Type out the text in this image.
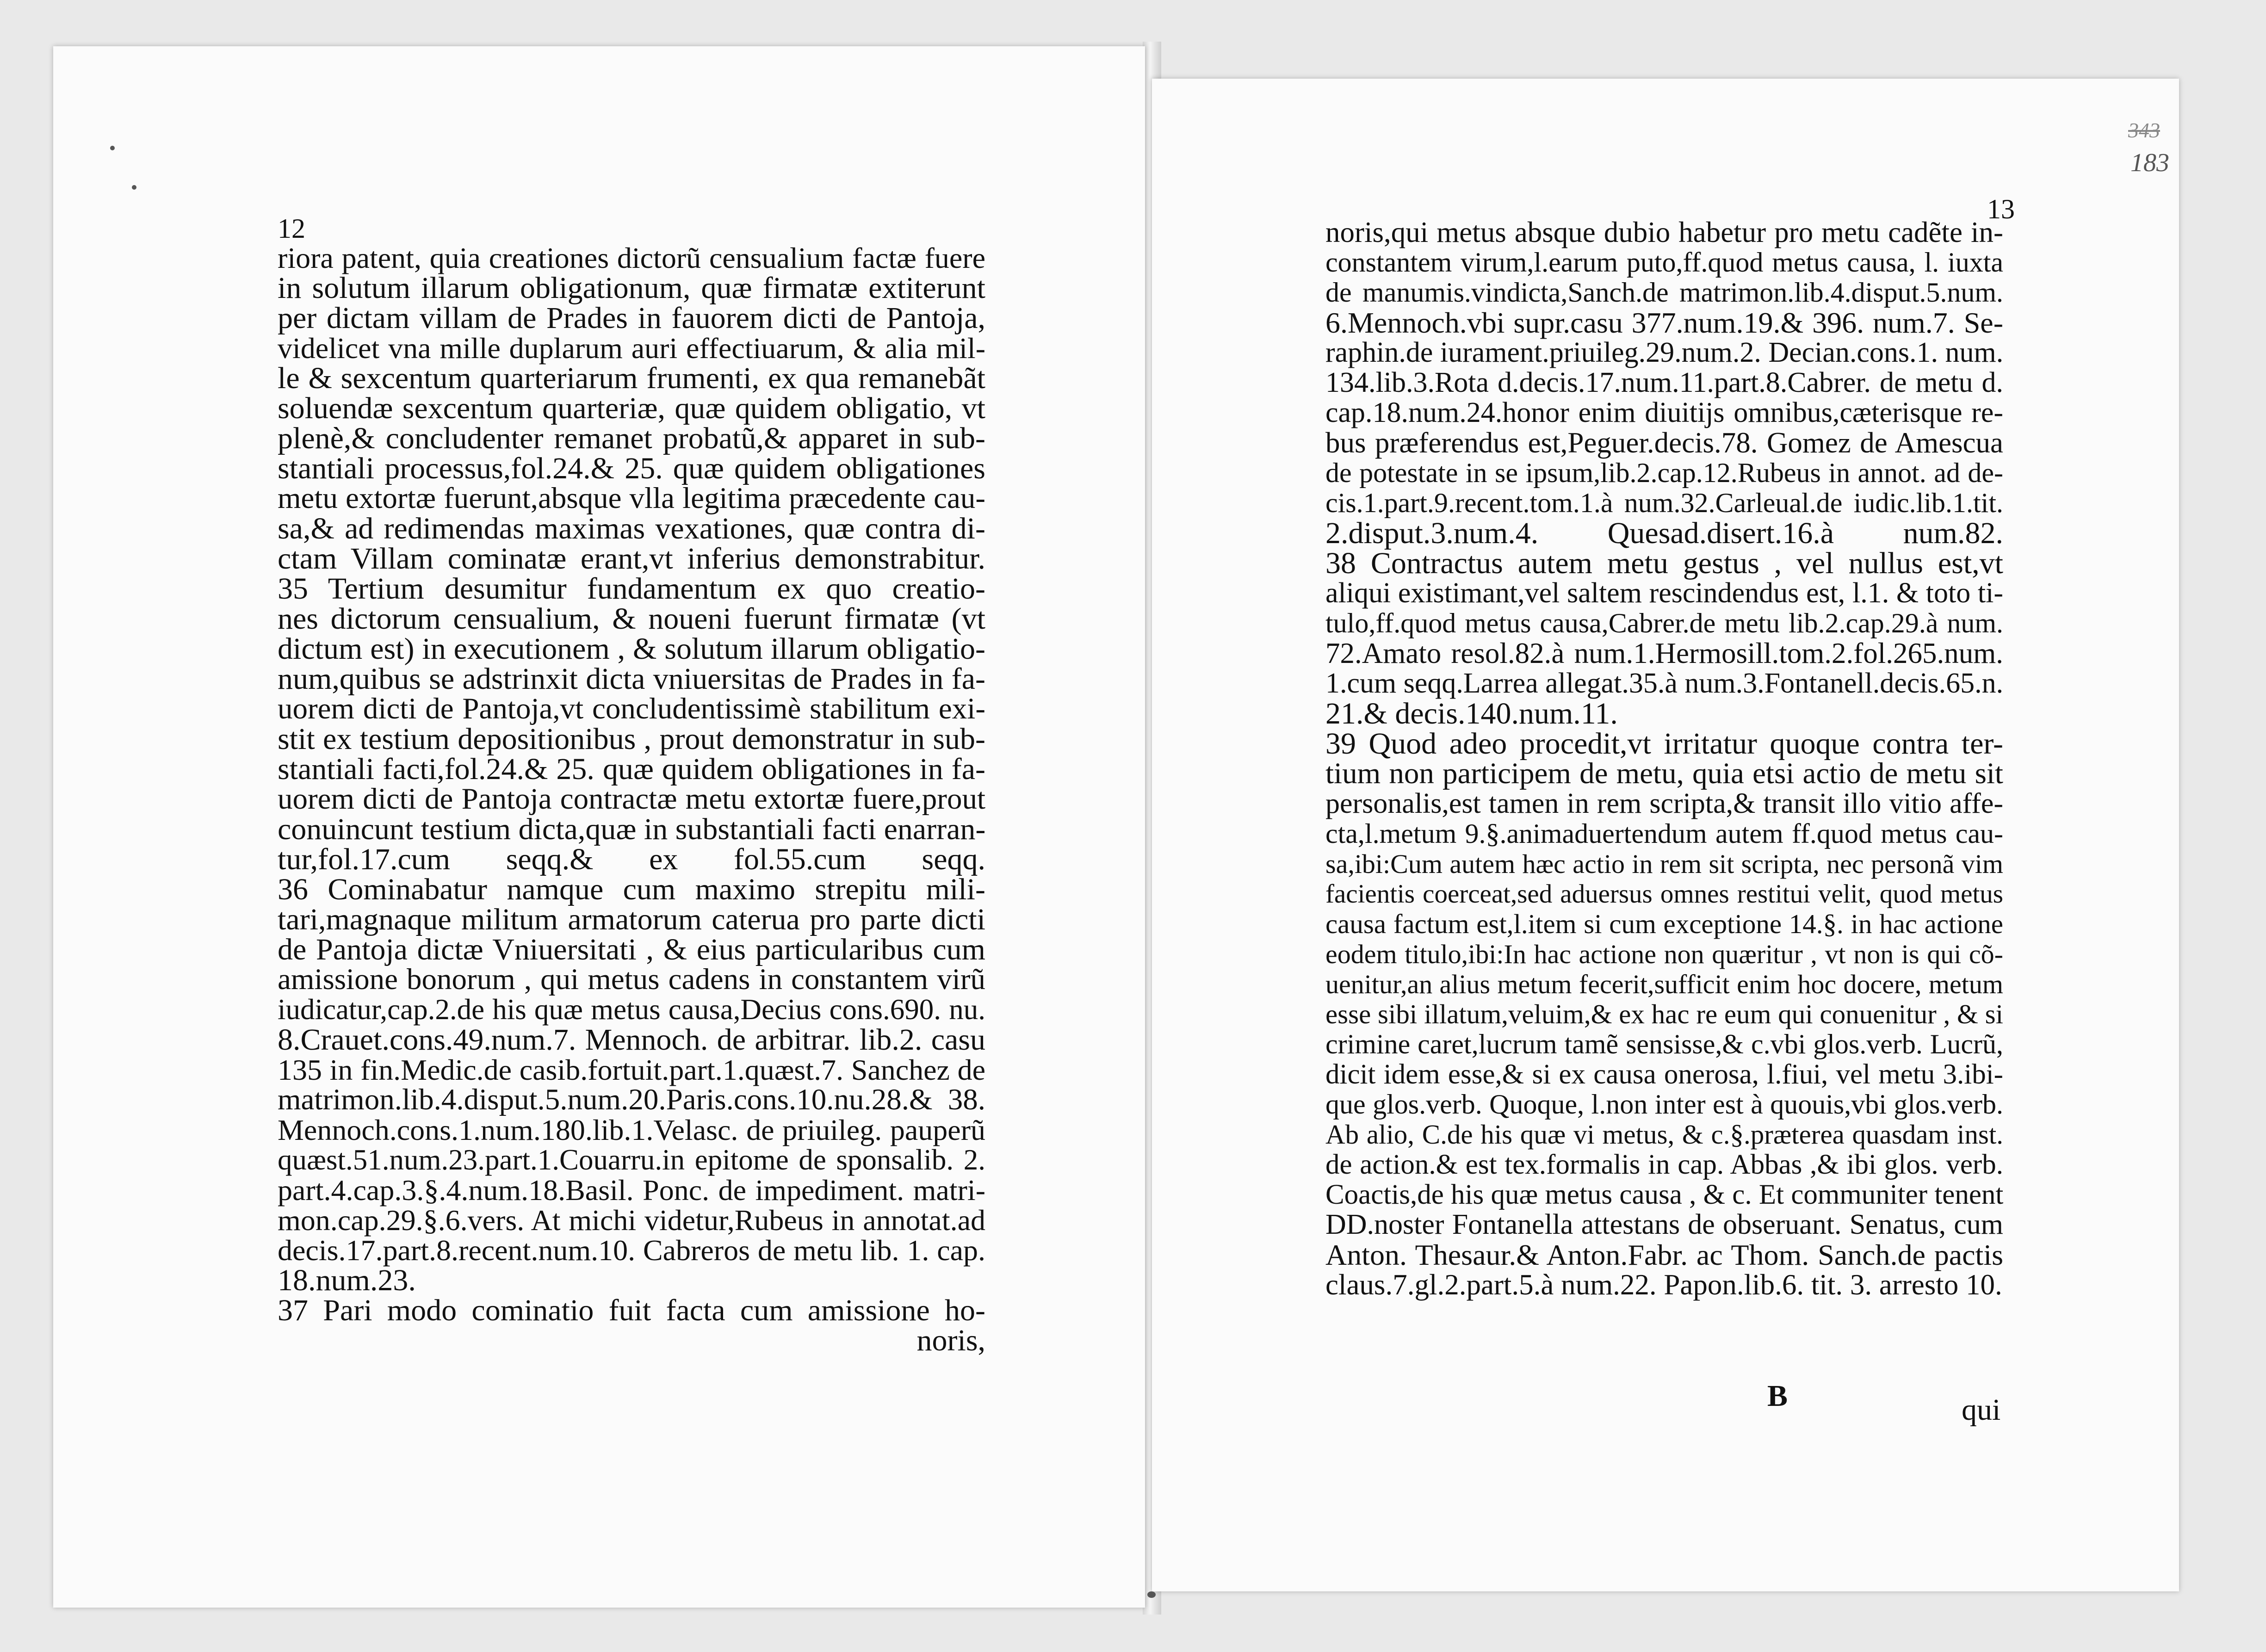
343
183
12
riora patent, quia creationes dictorũ censualium factæ fuere
in solutum illarum obligationum, quæ firmatæ extiterunt
per dictam villam de Prades in fauorem dicti de Pantoja,
videlicet vna mille duplarum auri effectiuarum, & alia mil-
le & sexcentum quarteriarum frumenti, ex qua remanebãt
soluendæ sexcentum quarteriæ, quæ quidem obligatio, vt
plenè,& concludenter remanet probatũ,& apparet in sub-
stantiali processus,fol.24.& 25. quæ quidem obligationes
metu extortæ fuerunt,absque vlla legitima præcedente cau-
sa,& ad redimendas maximas vexationes, quæ contra di-
ctam Villam cominatæ erant,vt inferius demonstrabitur.
35 Tertium desumitur fundamentum ex quo creatio-
nes dictorum censualium, & noueni fuerunt firmatæ (vt
dictum est) in executionem , & solutum illarum obligatio-
num,quibus se adstrinxit dicta vniuersitas de Prades in fa-
uorem dicti de Pantoja,vt concludentissimè stabilitum exi-
stit ex testium depositionibus , prout demonstratur in sub-
stantiali facti,fol.24.& 25. quæ quidem obligationes in fa-
uorem dicti de Pantoja contractæ metu extortæ fuere,prout
conuincunt testium dicta,quæ in substantiali facti enarran-
tur,fol.17.cum seqq.& ex fol.55.cum seqq.
36 Cominabatur namque cum maximo strepitu mili-
tari,magnaque militum armatorum caterua pro parte dicti
de Pantoja dictæ Vniuersitati , & eius particularibus cum
amissione bonorum , qui metus cadens in constantem virũ
iudicatur,cap.2.de his quæ metus causa,Decius cons.690. nu.
8.Crauet.cons.49.num.7. Mennoch. de arbitrar. lib.2. casu
135 in fin.Medic.de casib.fortuit.part.1.quæst.7. Sanchez de
matrimon.lib.4.disput.5.num.20.Paris.cons.10.nu.28.& 38.
Mennoch.cons.1.num.180.lib.1.Velasc. de priuileg. pauperũ
quæst.51.num.23.part.1.Couarru.in epitome de sponsalib. 2.
part.4.cap.3.§.4.num.18.Basil. Ponc. de impediment. matri-
mon.cap.29.§.6.vers. At michi videtur,Rubeus in annotat.ad
decis.17.part.8.recent.num.10. Cabreros de metu lib. 1. cap.
18.num.23.
37 Pari modo cominatio fuit facta cum amissione ho-
noris,
13
noris,qui metus absque dubio habetur pro metu cadẽte in-
constantem virum,l.earum puto,ff.quod metus causa, l. iuxta
de manumis.vindicta,Sanch.de matrimon.lib.4.disput.5.num.
6.Mennoch.vbi supr.casu 377.num.19.& 396. num.7. Se-
raphin.de iurament.priuileg.29.num.2. Decian.cons.1. num.
134.lib.3.Rota d.decis.17.num.11.part.8.Cabrer. de metu d.
cap.18.num.24.honor enim diuitijs omnibus,cæterisque re-
bus præferendus est,Peguer.decis.78. Gomez de Amescua
de potestate in se ipsum,lib.2.cap.12.Rubeus in annot. ad de-
cis.1.part.9.recent.tom.1.à num.32.Carleual.de iudic.lib.1.tit.
2.disput.3.num.4. Quesad.disert.16.à num.82.
38 Contractus autem metu gestus , vel nullus est,vt
aliqui existimant,vel saltem rescindendus est, l.1. & toto ti-
tulo,ff.quod metus causa,Cabrer.de metu lib.2.cap.29.à num.
72.Amato resol.82.à num.1.Hermosill.tom.2.fol.265.num.
1.cum seqq.Larrea allegat.35.à num.3.Fontanell.decis.65.n.
21.& decis.140.num.11.
39 Quod adeo procedit,vt irritatur quoque contra ter-
tium non participem de metu, quia etsi actio de metu sit
personalis,est tamen in rem scripta,& transit illo vitio affe-
cta,l.metum 9.§.animaduertendum autem ff.quod metus cau-
sa,ibi:Cum autem hæc actio in rem sit scripta, nec personã vim
facientis coerceat,sed aduersus omnes restitui velit, quod metus
causa factum est,l.item si cum exceptione 14.§. in hac actione
eodem titulo,ibi:In hac actione non quæritur , vt non is qui cõ-
uenitur,an alius metum fecerit,sufficit enim hoc docere, metum
esse sibi illatum,veluim,& ex hac re eum qui conuenitur , & si
crimine caret,lucrum tamẽ sensisse,& c.vbi glos.verb. Lucrũ,
dicit idem esse,& si ex causa onerosa, l.fiui, vel metu 3.ibi-
que glos.verb. Quoque, l.non inter est à quouis,vbi glos.verb.
Ab alio, C.de his quæ vi metus, & c.§.præterea quasdam inst.
de action.& est tex.formalis in cap. Abbas ,& ibi glos. verb.
Coactis,de his quæ metus causa , & c. Et communiter tenent
DD.noster Fontanella attestans de obseruant. Senatus, cum
Anton. Thesaur.& Anton.Fabr. ac Thom. Sanch.de pactis
claus.7.gl.2.part.5.à num.22. Papon.lib.6. tit. 3. arresto 10.
B	qui
